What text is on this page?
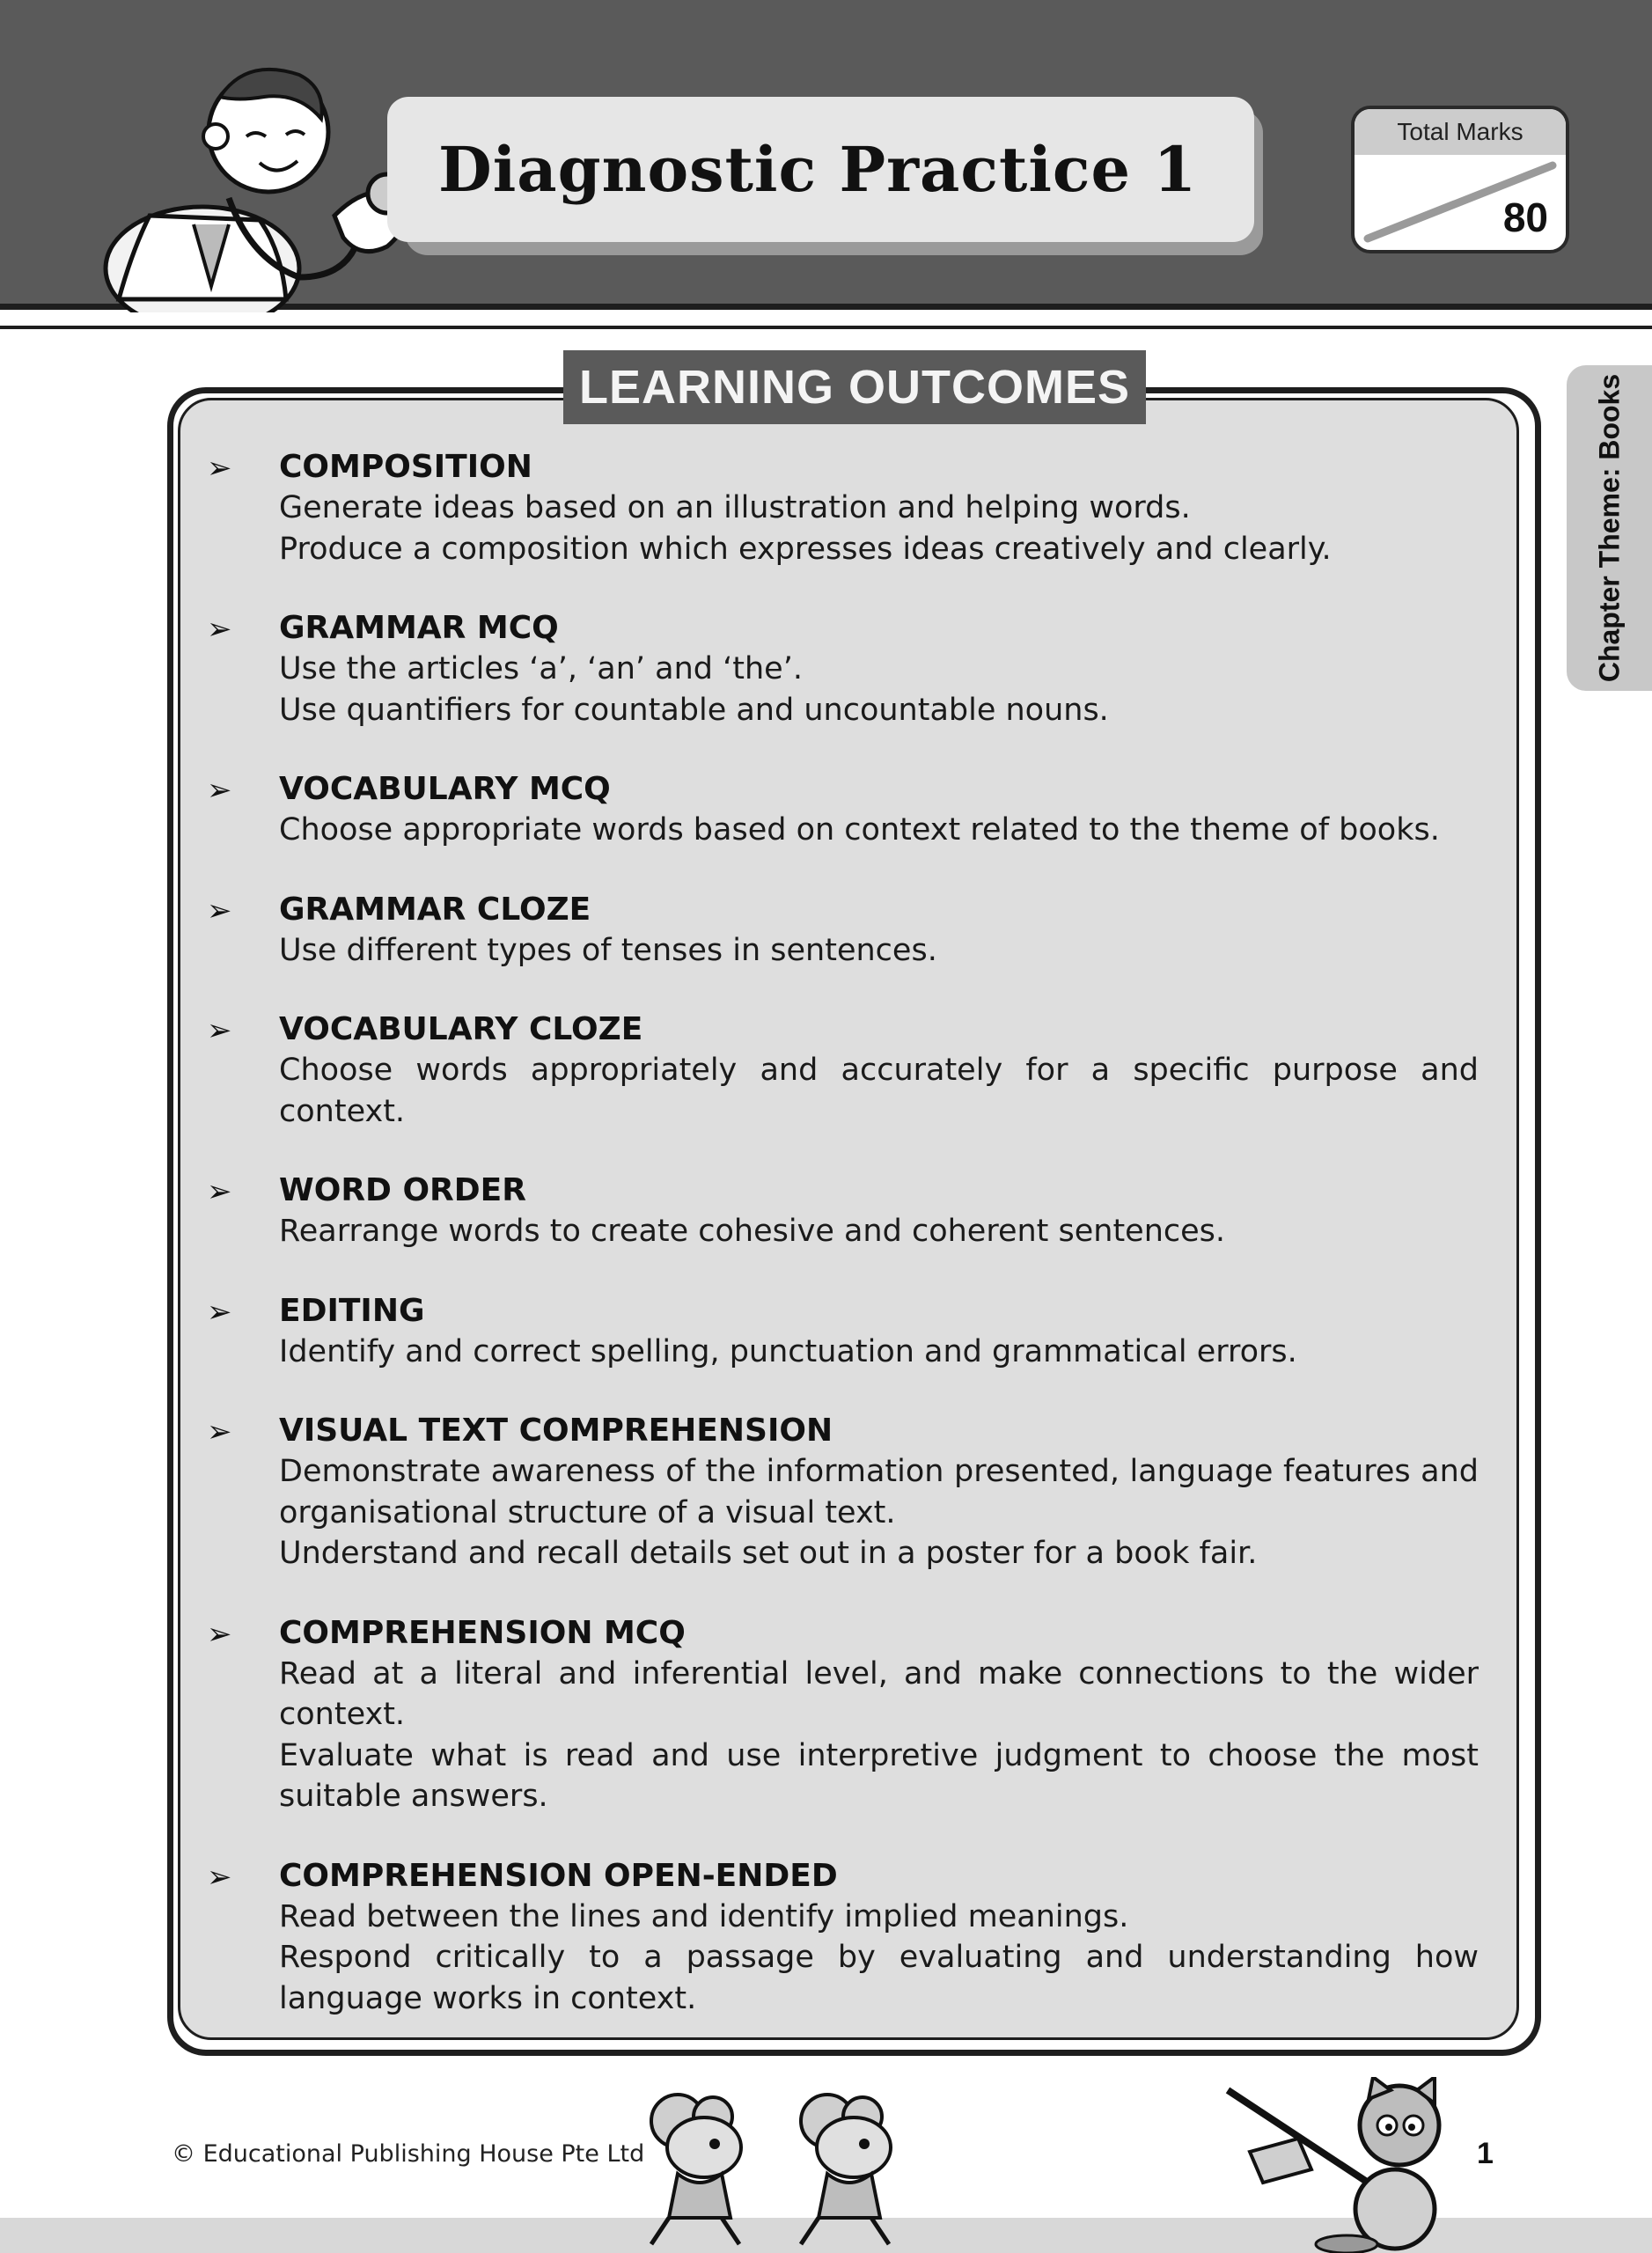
Diagnostic Practice 1
Total Marks
80
Chapter Theme: Books
LEARNING OUTCOMES
➢ COMPOSITION
Generate ideas based on an illustration and helping words.
Produce a composition which expresses ideas creatively and clearly.
➢ GRAMMAR MCQ
Use the articles ‘a’, ‘an’ and ‘the’.
Use quantifiers for countable and uncountable nouns.
➢ VOCABULARY MCQ
Choose appropriate words based on context related to the theme of books.
➢ GRAMMAR CLOZE
Use different types of tenses in sentences.
➢ VOCABULARY CLOZE
Choose words appropriately and accurately for a specific purpose and context.
➢ WORD ORDER
Rearrange words to create cohesive and coherent sentences.
➢ EDITING
Identify and correct spelling, punctuation and grammatical errors.
➢ VISUAL TEXT COMPREHENSION
Demonstrate awareness of the information presented, language features and organisational structure of a visual text.
Understand and recall details set out in a poster for a book fair.
➢ COMPREHENSION MCQ
Read at a literal and inferential level, and make connections to the wider context.
Evaluate what is read and use interpretive judgment to choose the most suitable answers.
➢ COMPREHENSION OPEN-ENDED
Read between the lines and identify implied meanings.
Respond critically to a passage by evaluating and understanding how language works in context.
© Educational Publishing House Pte Ltd	1
